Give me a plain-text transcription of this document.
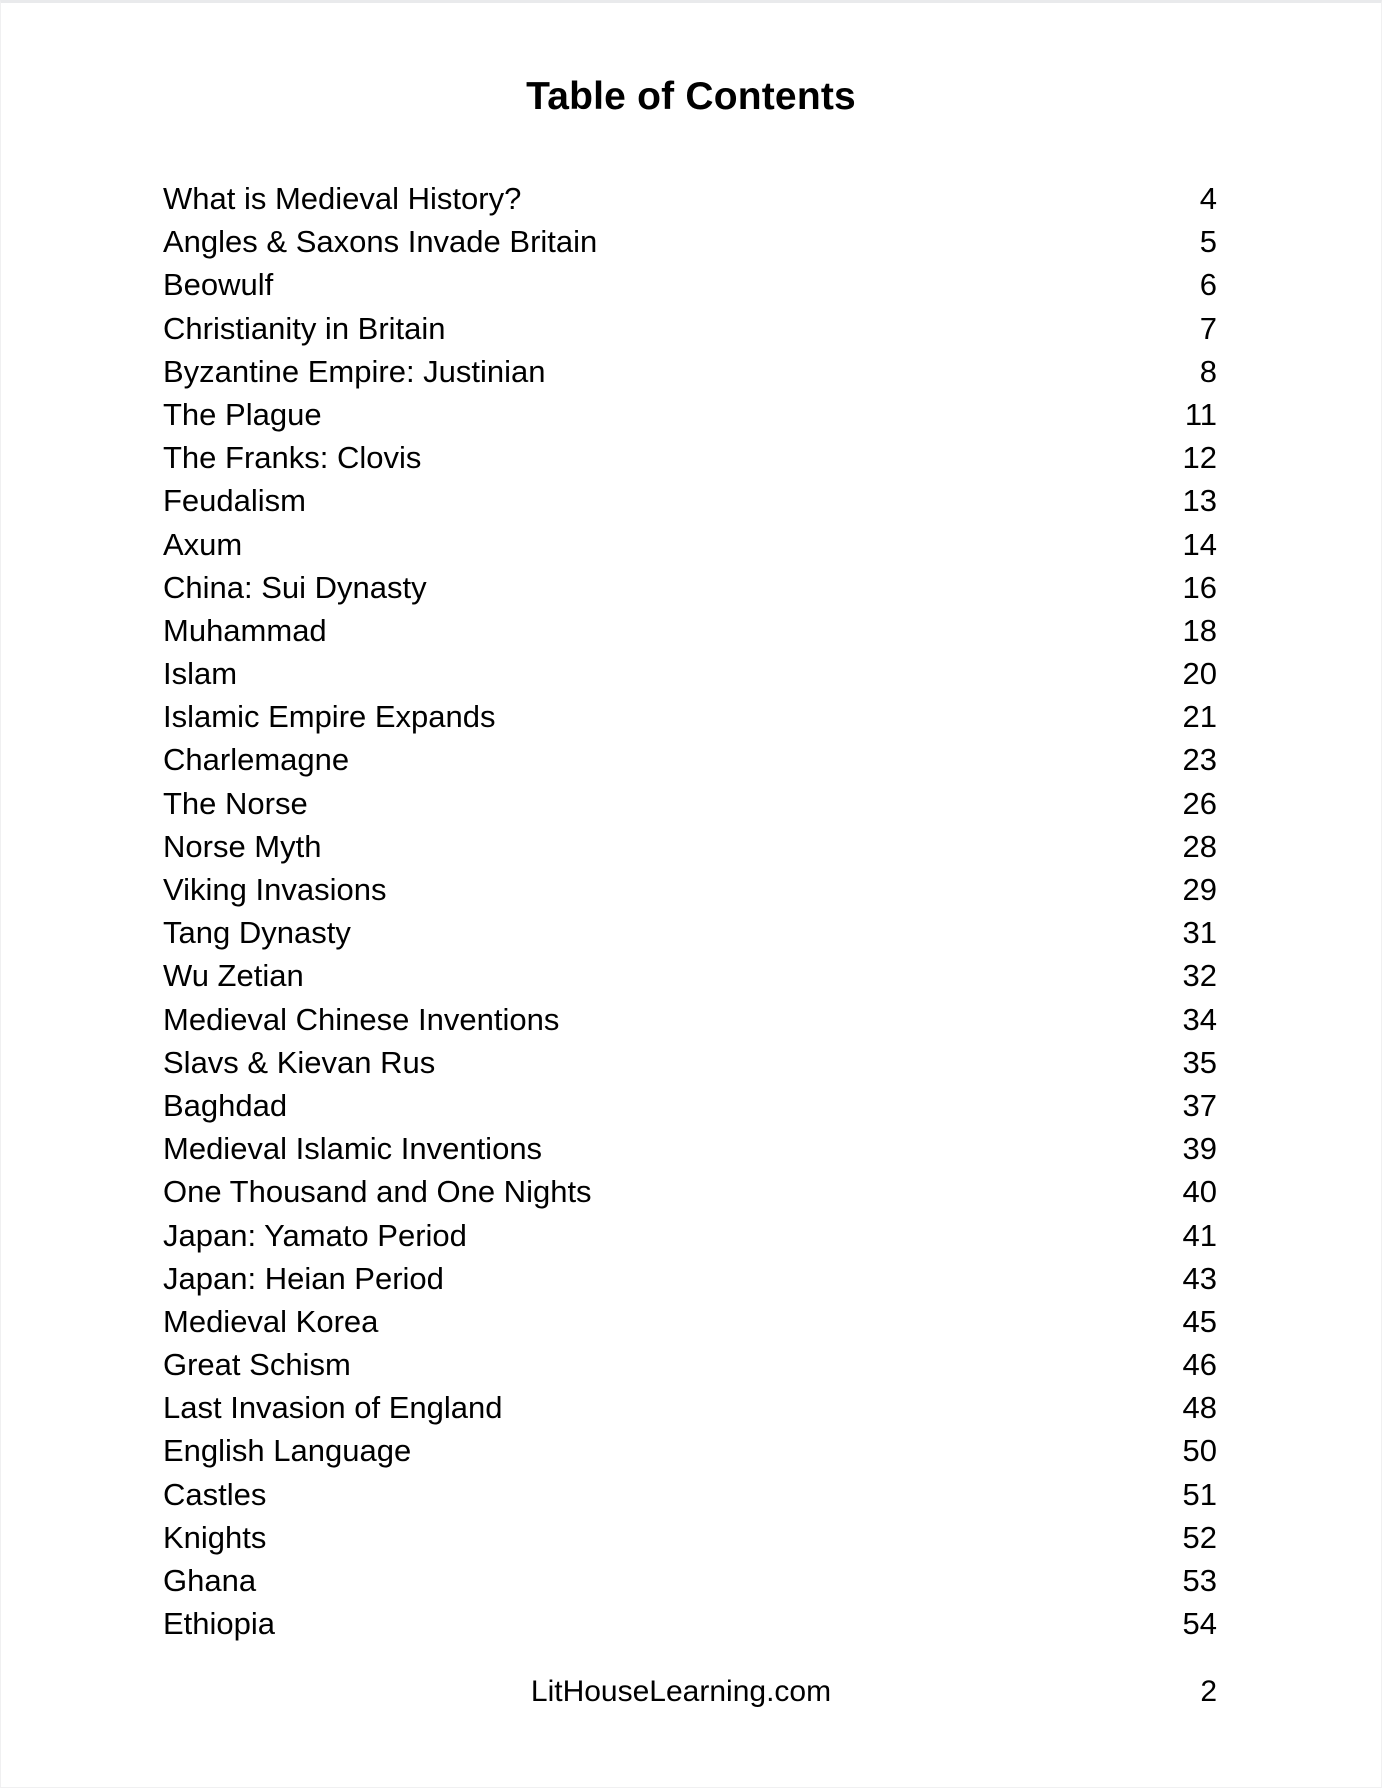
Table of Contents
What is Medieval History?	4
Angles & Saxons Invade Britain	5
Beowulf	6
Christianity in Britain	7
Byzantine Empire: Justinian	8
The Plague	11
The Franks: Clovis	12
Feudalism	13
Axum	14
China: Sui Dynasty	16
Muhammad	18
Islam	20
Islamic Empire Expands	21
Charlemagne	23
The Norse	26
Norse Myth	28
Viking Invasions	29
Tang Dynasty	31
Wu Zetian	32
Medieval Chinese Inventions	34
Slavs & Kievan Rus	35
Baghdad	37
Medieval Islamic Inventions	39
One Thousand and One Nights	40
Japan: Yamato Period	41
Japan: Heian Period	43
Medieval Korea	45
Great Schism	46
Last Invasion of England	48
English Language	50
Castles	51
Knights	52
Ghana	53
Ethiopia	54
LitHouseLearning.com	2
